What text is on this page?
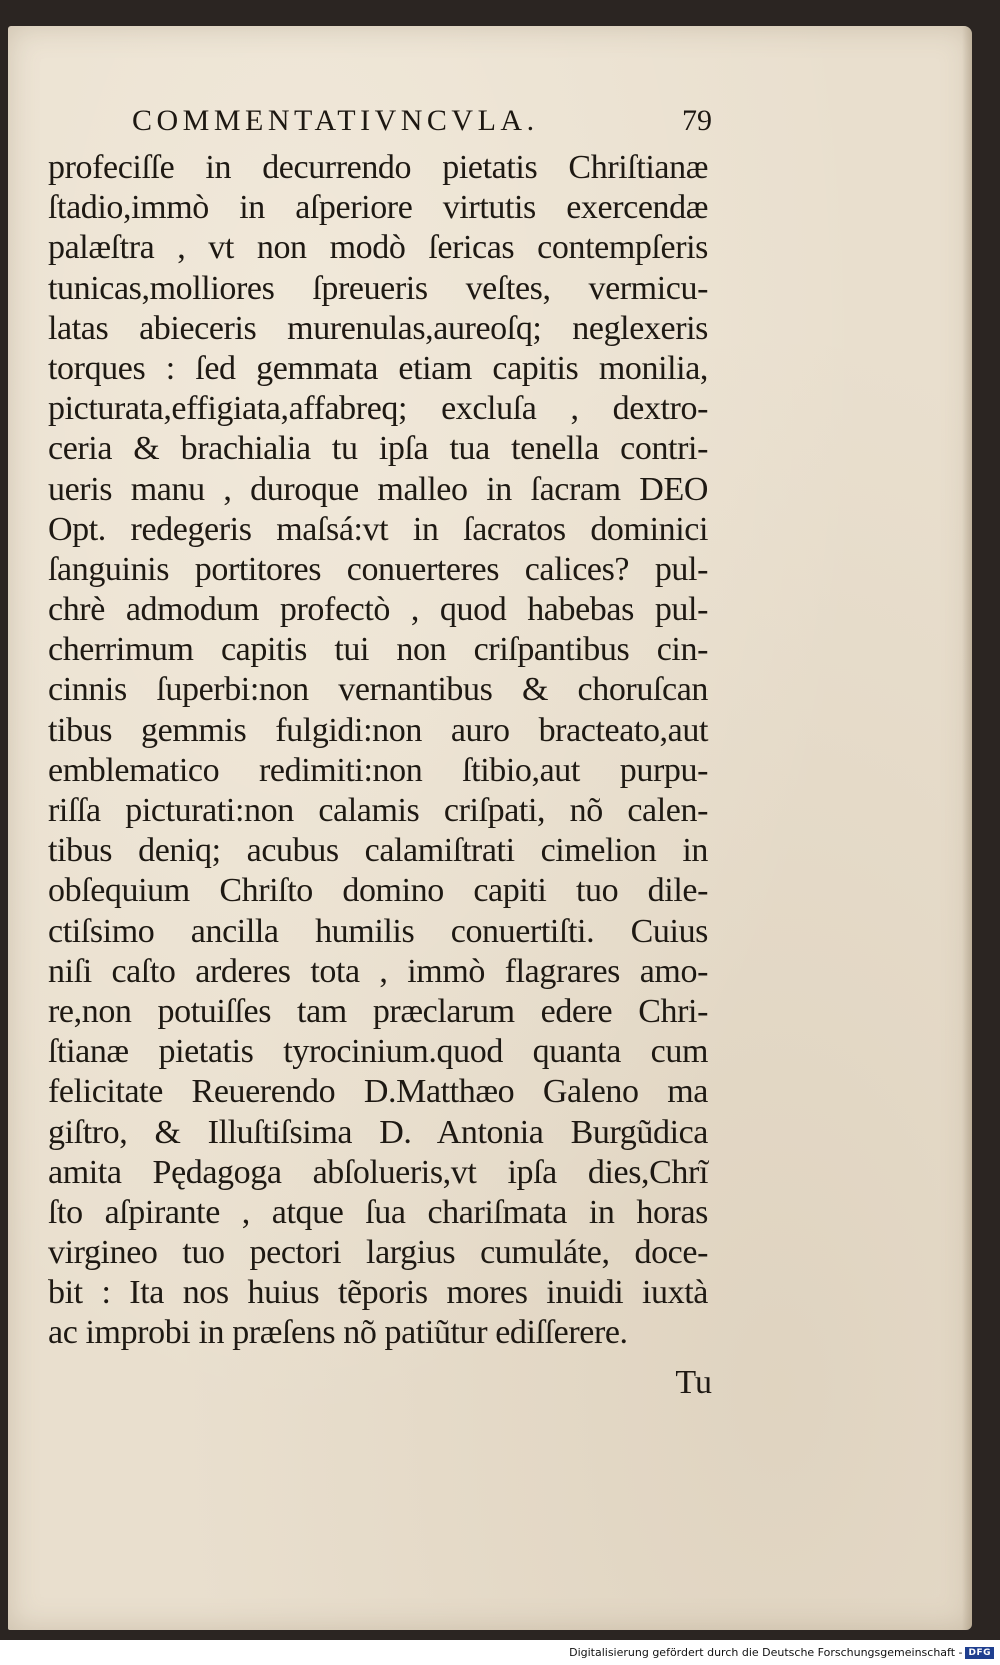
COMMENTATIVNCVLA.	79
profeciſſe in decurrendo pietatis Chriſtianæ
ſtadio,immò in aſperiore virtutis exercendæ
palæſtra , vt non modò ſericas contempſeris
tunicas,molliores ſpreueris veſtes, vermicu-
latas abieceris murenulas,aureoſq; neglexeris
torques : ſed gemmata etiam capitis monilia,
picturata,effigiata,affabreq; excluſa , dextro-
ceria & brachialia tu ipſa tua tenella contri-
ueris manu , duroque malleo in ſacram DEO
Opt. redegeris maſsá:vt in ſacratos dominici
ſanguinis portitores conuerteres calices? pul-
chrè admodum profectò , quod habebas pul-
cherrimum capitis tui non criſpantibus cin-
cinnis ſuperbi:non vernantibus & choruſcan
tibus gemmis fulgidi:non auro bracteato,aut
emblematico redimiti:non ſtibio,aut purpu-
riſſa picturati:non calamis criſpati, nõ calen-
tibus deniq; acubus calamiſtrati cimelion in
obſequium Chriſto domino capiti tuo dile-
ctiſsimo ancilla humilis conuertiſti. Cuius
niſi caſto arderes tota , immò flagrares amo-
re,non potuiſſes tam præclarum edere Chri-
ſtianæ pietatis tyrocinium.quod quanta cum
felicitate Reuerendo D.Matthæo Galeno ma
giſtro, & Illuſtiſsima D. Antonia Burgũdica
amita Pędagoga abſolueris,vt ipſa dies,Chrĩ
ſto aſpirante , atque ſua chariſmata in horas
virgineo tuo pectori largius cumuláte, doce-
bit : Ita nos huius tẽporis mores inuidi iuxtà
ac improbi in præſens nõ patiũtur ediſſerere.
Tu
Digitalisierung gefördert durch die Deutsche Forschungsgemeinschaft - DFG
